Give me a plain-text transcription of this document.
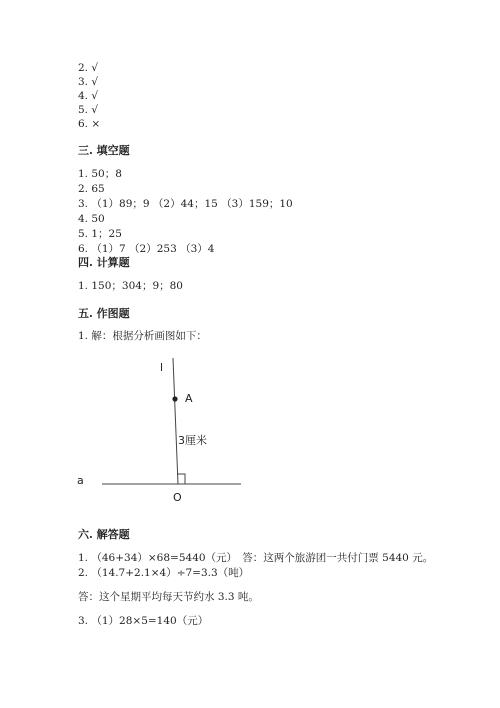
2. √
3. √
4. √
5. √
6. ×
三. 填空题
1. 50；8
2. 65
3. （1）89；9 （2）44；15 （3）159；10
4. 50
5. 1；25
6. （1）7 （2）253 （3）4
四. 计算题
1. 150；304；9；80
五. 作图题
1. 解：根据分析画图如下：
l
A
3厘米
a
O
六. 解答题
1. （46+34）×68=5440（元）　答：这两个旅游团一共付门票 5440 元。
2. （14.7+2.1×4）÷7=3.3（吨）
答：这个星期平均每天节约水 3.3 吨。
3. （1）28×5=140（元）
